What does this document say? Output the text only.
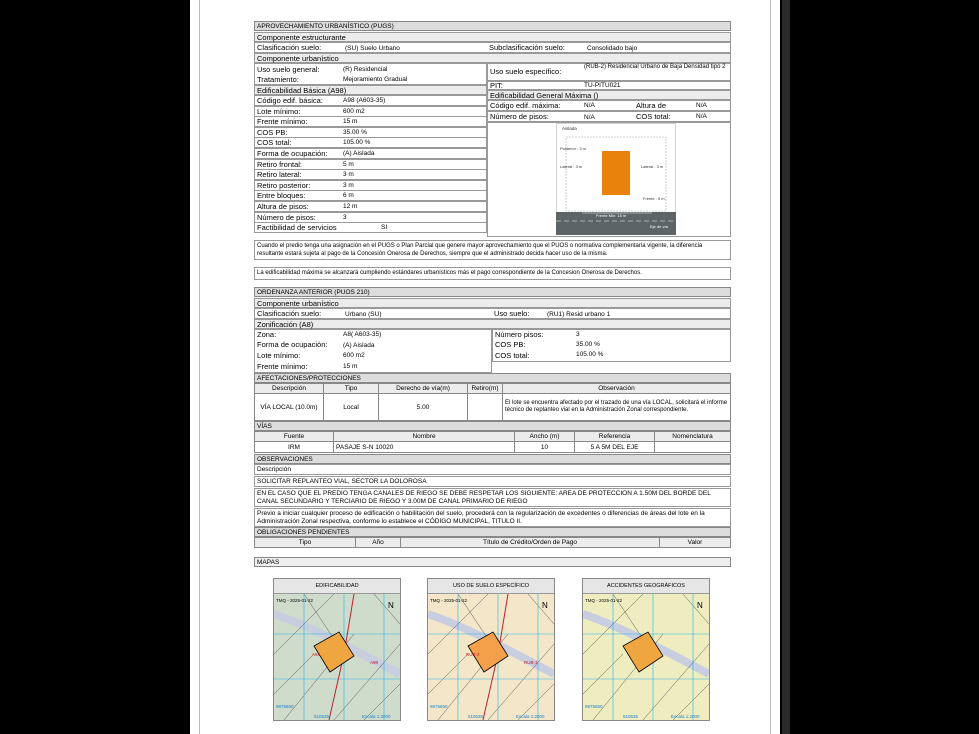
APROVECHAMIENTO URBANÍSTICO (PUGS)
Componente estructurante
Clasificación suelo:	(SU) Suelo Urbano	Subclasificación suelo:	Consolidado bajo
Componente urbanístico
Uso suelo general:	(R) Residencial
Tratamiento:	Mejoramiento Gradual
Uso suelo específico:	(RUB-2) Residencial Urbano de Baja Densidad tipo 2
PIT:	TU-PITU021
Edificabilidad Básica (A98)
Edificabilidad General Máxima ()
Código edif. básica:	A98 (A603-35)
Lote mínimo:	600 m2
Frente mínimo:	15 m
COS PB:	35.00 %
COS total:	105.00 %
Forma de ocupación: (A) Aislada
Retiro frontal:	5 m
Retiro lateral:	3 m
Retiro posterior:	3 m
Entre bloques:	6 m
Altura de pisos:	12 m
Número de pisos:	3
Factibilidad de servicios	SI
Código edif. máxima:	N/A	Altura de	N/A
Número de pisos:	N/A	COS total:	N/A
Aislada
Posterior : 3 m
Lateral : 3 m	Lateral : 3 m
Frente : 5 m
Frente Min: 15 m
Eje de vía
Cuando el predio tenga una asignación en el PUGS o Plan Parcial que genere mayor aprovechamiento que el PUOS o normativa complementaria vigente, la diferencia resultante estará sujeta al pago de la Concesión Onerosa de Derechos, siempre que el administrado decida hacer uso de la misma.
La edificabilidad máxima se alcanzará cumpliendo estándares urbanísticos más el pago correspondiente de la Concesion Onerosa de Derechos.
ORDENANZA ANTERIOR (PUOS 210)
Componente urbanístico
Clasificación suelo:	Urbano (SU)	Uso suelo:	(RU1) Resid urbano 1
Zonificación (A8)
Zona:	A8( A603-35)
Forma de ocupación: (A) Aislada
Lote mínimo:	600 m2
Frente mínimo:	15 m
Número pisos:	3
COS PB:	35.00 %
COS total:	105.00 %
AFECTACIONES/PROTECCIONES
Descripción	Tipo	Derecho de vía(m)	Retiro(m)	Observación
VÍA LOCAL (10.0m)	Local	5.00		El lote se encuentra afectado por el trazado de una vía LOCAL, solicitará el informe técnico de replanteo vial en la Administración Zonal correspondiente.
VÍAS
Fuente	Nombre	Ancho (m)	Referencia	Nomenclatura
IRM	PASAJE S-N 10020	10	5 A 5M DEL EJE	
OBSERVACIONES
Descripción
SOLICITAR REPLANTEO VIAL, SECTOR LA DOLOROSA
EN EL CASO QUE EL PREDIO TENGA CANALES DE RIEGO SE DEBE RESPETAR LOS SIGUIENTE: AREA DE PROTECCION A 1.50M DEL BORDE DEL CANAL SECUNDARIO Y TERCIARIO DE RIEGO Y 3.00M DE CANAL PRIMARIO DE RIEGO
Previo a iniciar cualquier proceso de edificación o habilitación del suelo, procederá con la regularización de excedentes o diferencias de áreas del lote en la Administración Zonal respectiva, conforme lo establece el CÓDIGO MUNICIPAL, TITULO II.
OBLIGACIONES PENDIENTES
Tipo	Año	Título de Crédito/Orden de Pago	Valor
MAPAS
EDIFICABILIDAD
TMQ - 2025-01-22
N
A98
A98
9975650
510535	Escala 1:2000
USO DE SUELO ESPECÍFICO
TMQ - 2025-01-22
N
RUB-2
RUB-1
9975650
510535	Escala 1:2000
ACCIDENTES GEOGRÁFICOS
TMQ - 2025-01-22
N
9975650
510535	Escala 1:2000
